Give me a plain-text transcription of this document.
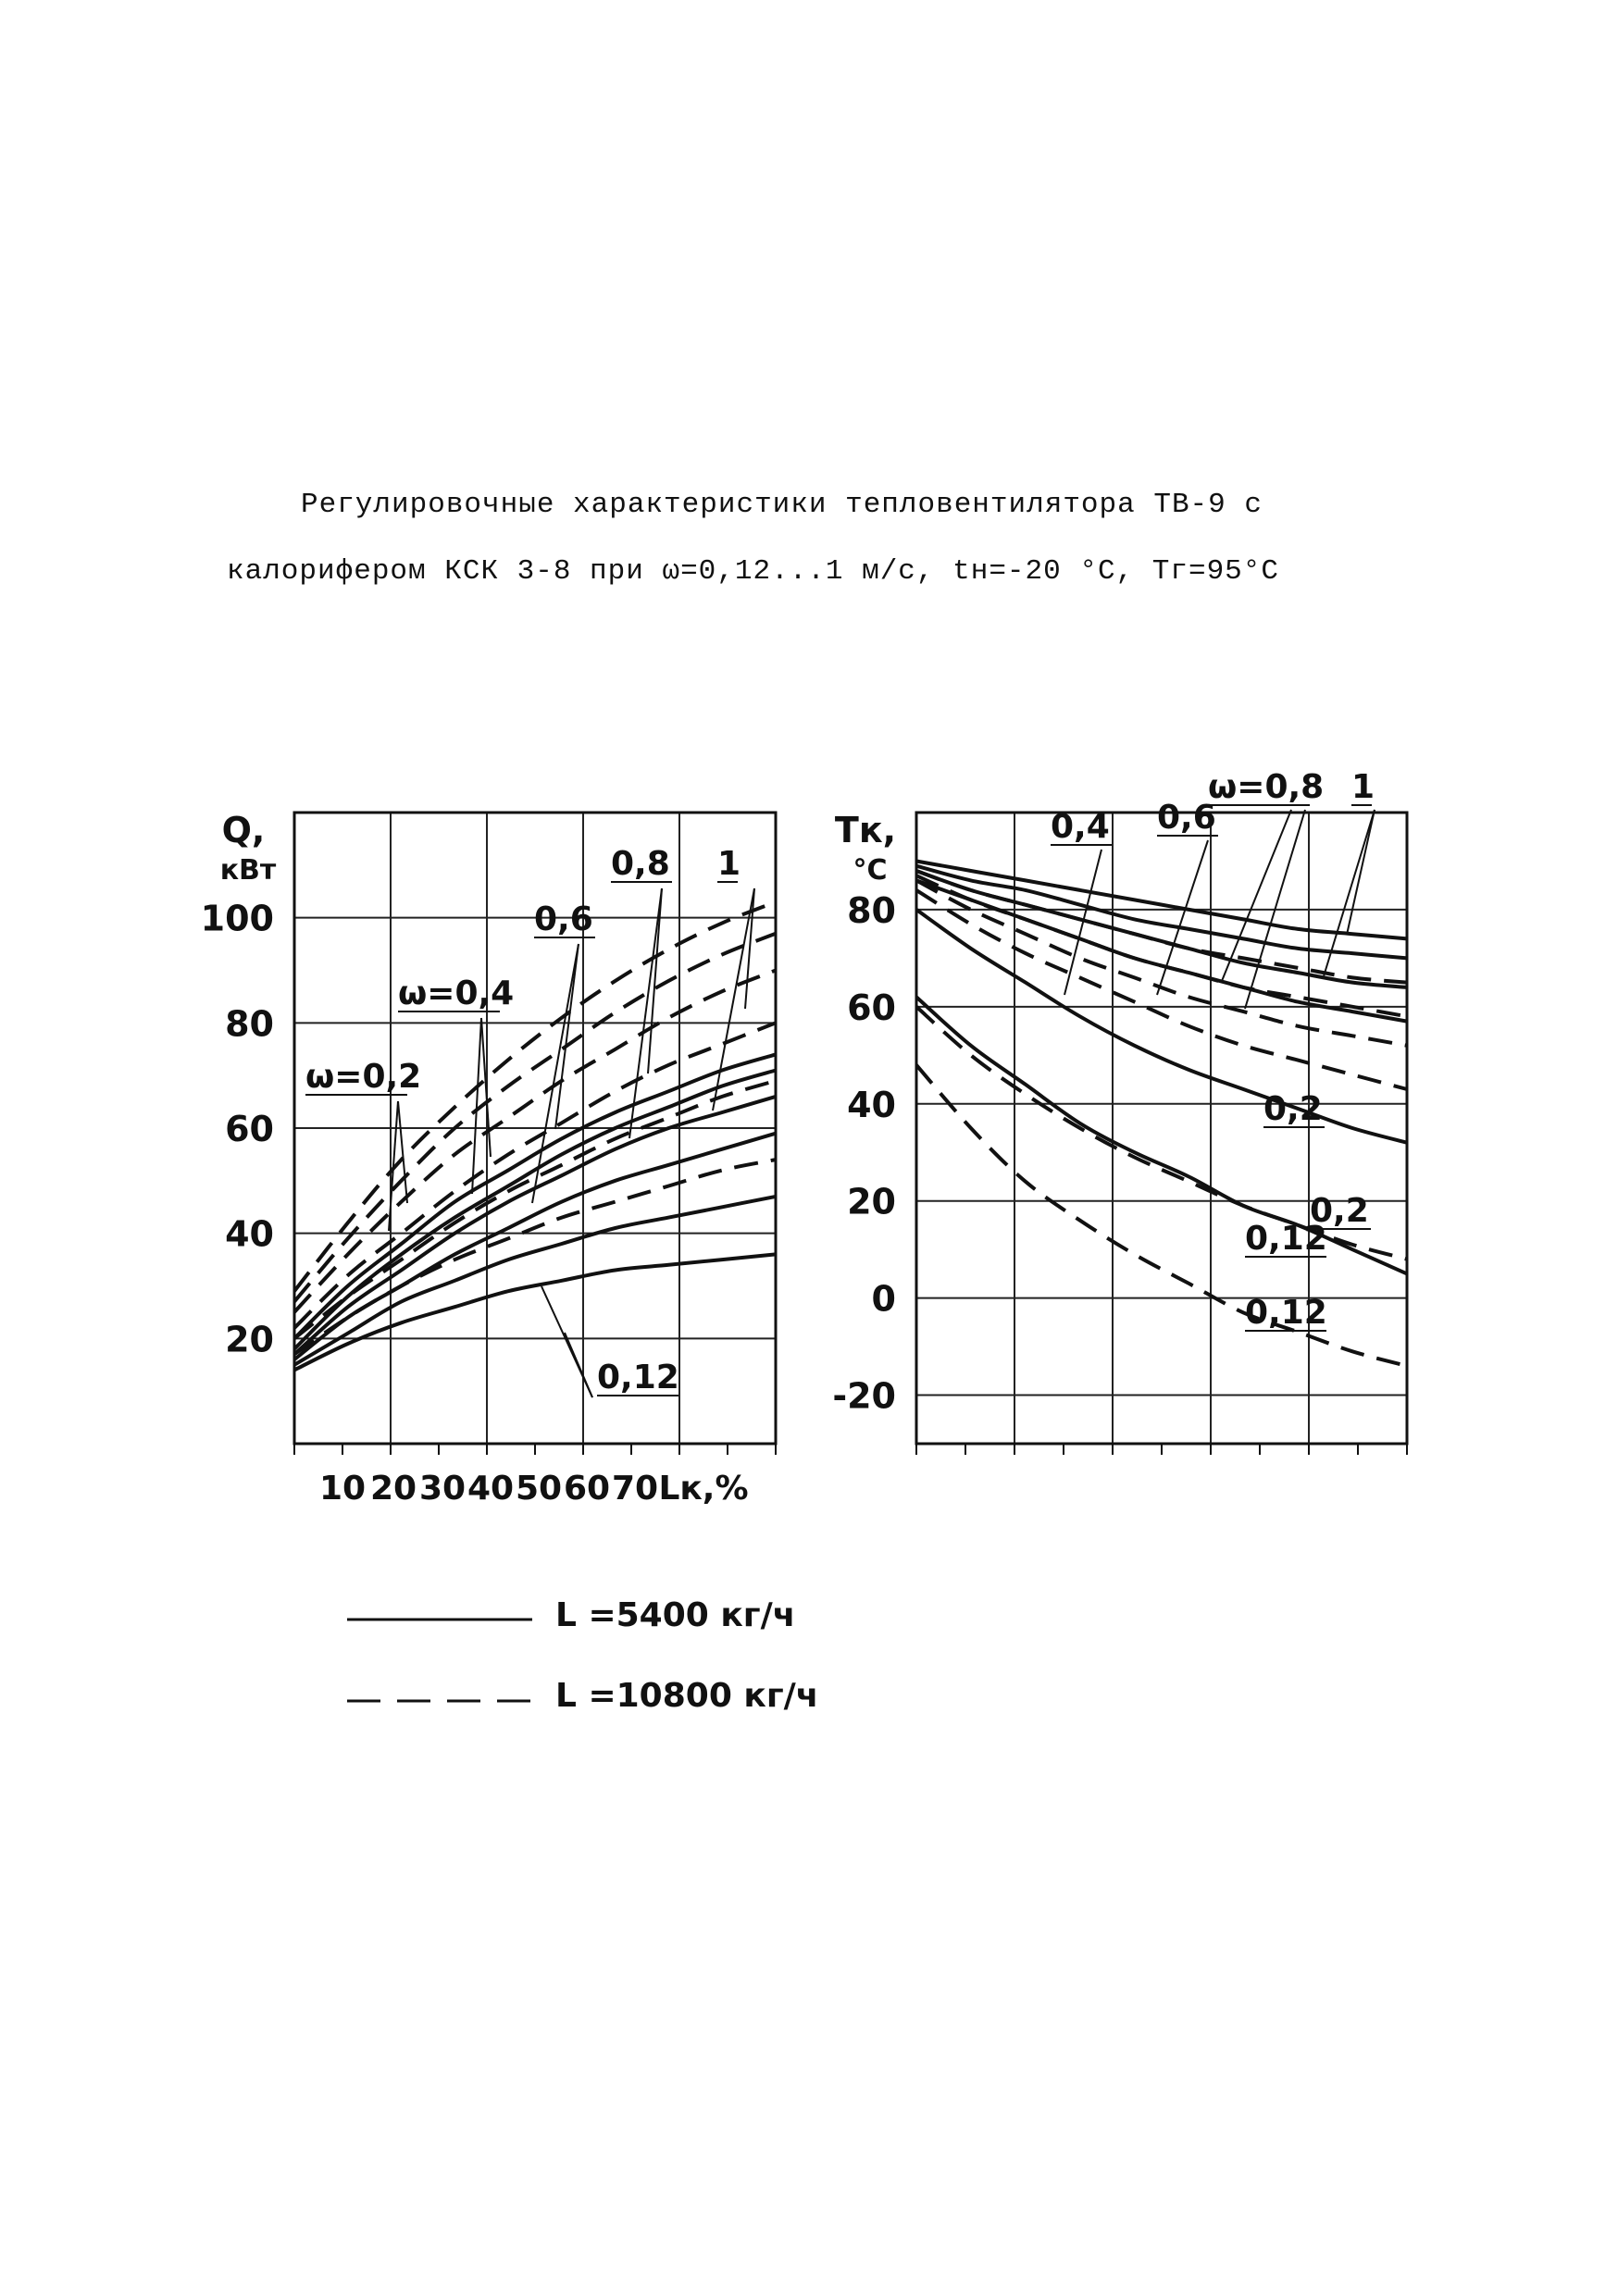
Регулировочные характеристики тепловентилятора ТВ-9 с
калорифером КСК 3-8 при ω=0,12...1 м/с, tн=-20 °С, Tг=95°С
20
40
60
80
100
Q,
кВт
10 20 30 40 50 60 70 Lк,%
ω=0,2
ω=0,4
0,6
0,8 1
0,12	-20
0
20
40
60
80
Tк,
°С
0,4 0,6
ω=0,8 1
0,2
0,2
0,12
0,12
L =5400 кг/ч
L =10800 кг/ч
